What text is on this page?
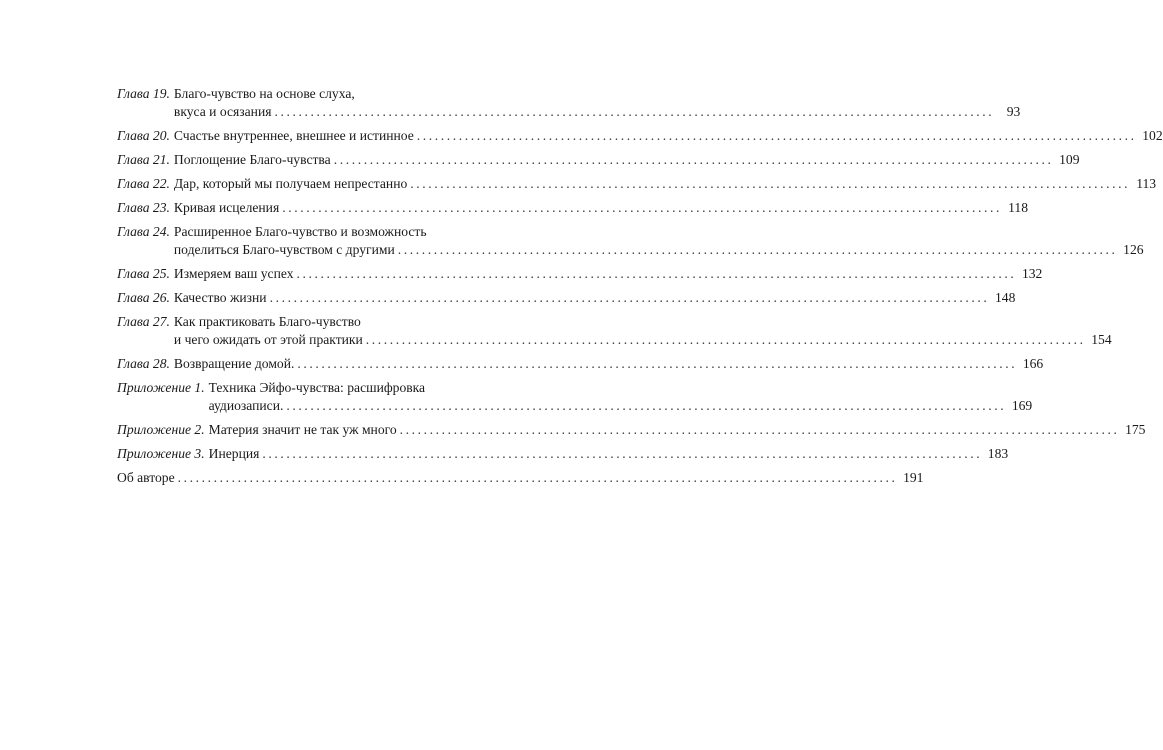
Глава 19. Благо-чувство на основе слуха,
вкуса и осязания ........................................................................................................................ 93
Глава 20. Счастье внутреннее, внешнее и истинное ........................................................................................................................ 102
Глава 21. Поглощение Благо-чувства ........................................................................................................................ 109
Глава 22. Дар, который мы получаем непрестанно ........................................................................................................................ 113
Глава 23. Кривая исцеления ........................................................................................................................ 118
Глава 24. Расширенное Благо-чувство и возможность
поделиться Благо-чувством с другими ........................................................................................................................ 126
Глава 25. Измеряем ваш успех ........................................................................................................................ 132
Глава 26. Качество жизни ........................................................................................................................ 148
Глава 27. Как практиковать Благо-чувство
и чего ожидать от этой практики ........................................................................................................................ 154
Глава 28. Возвращение домой. ........................................................................................................................ 166
Приложение 1. Техника Эйфо-чувства: расшифровка
аудиозаписи. ........................................................................................................................ 169
Приложение 2. Материя значит не так уж много ........................................................................................................................ 175
Приложение 3. Инерция ........................................................................................................................ 183
Об авторе ........................................................................................................................ 191
